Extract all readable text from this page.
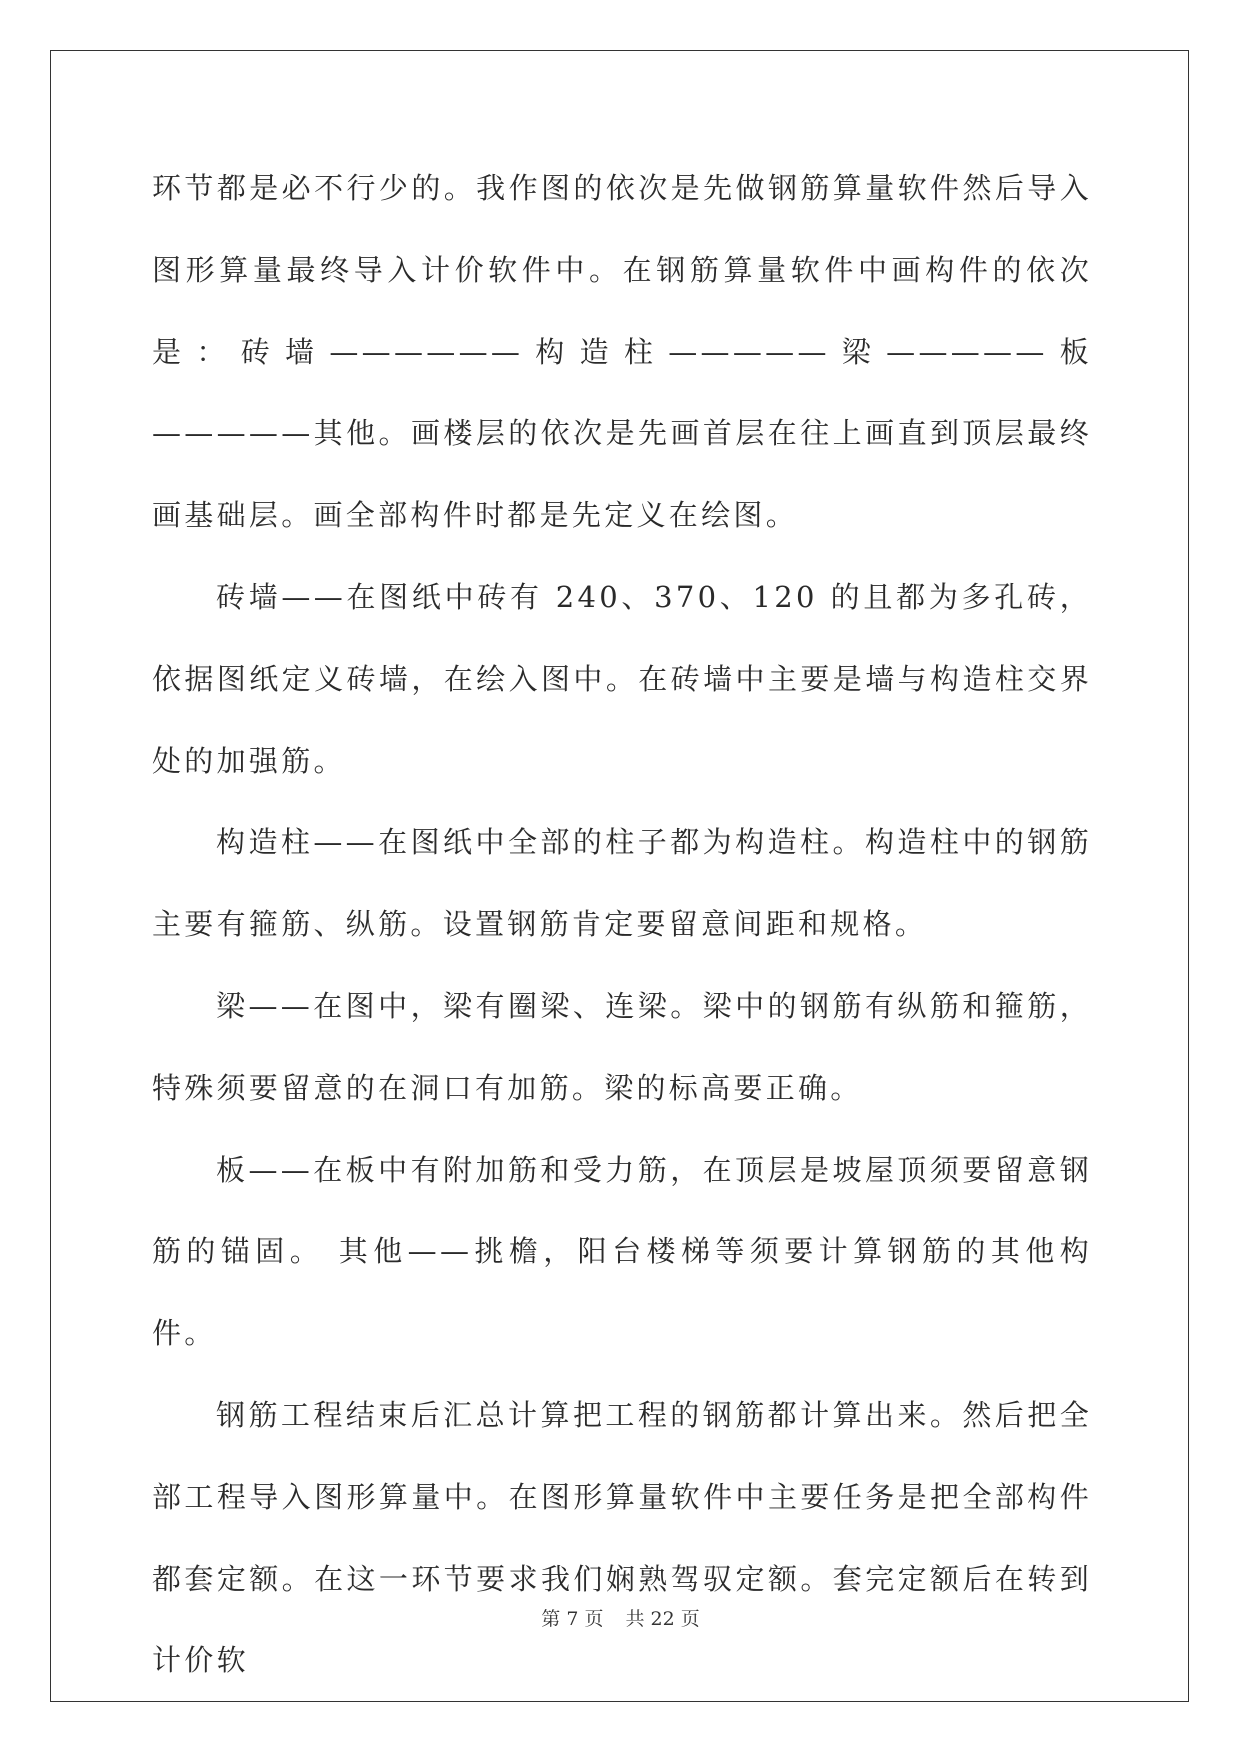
环节都是必不行少的。我作图的依次是先做钢筋算量软件然后导入图形算量最终导入计价软件中。在钢筋算量软件中画构件的依次是：砖墙——————构造柱—————梁—————板—————其他。画楼层的依次是先画首层在往上画直到顶层最终画基础层。画全部构件时都是先定义在绘图。

砖墙——在图纸中砖有 240、370、120 的且都为多孔砖，依据图纸定义砖墙，在绘入图中。在砖墙中主要是墙与构造柱交界处的加强筋。

构造柱——在图纸中全部的柱子都为构造柱。构造柱中的钢筋主要有箍筋、纵筋。设置钢筋肯定要留意间距和规格。

梁——在图中，梁有圈梁、连梁。梁中的钢筋有纵筋和箍筋，特殊须要留意的在洞口有加筋。梁的标高要正确。

板——在板中有附加筋和受力筋，在顶层是坡屋顶须要留意钢筋的锚固。 其他——挑檐，阳台楼梯等须要计算钢筋的其他构件。

钢筋工程结束后汇总计算把工程的钢筋都计算出来。然后把全部工程导入图形算量中。在图形算量软件中主要任务是把全部构件都套定额。在这一环节要求我们娴熟驾驭定额。套完定额后在转到计价软

第 7 页 共 22 页
